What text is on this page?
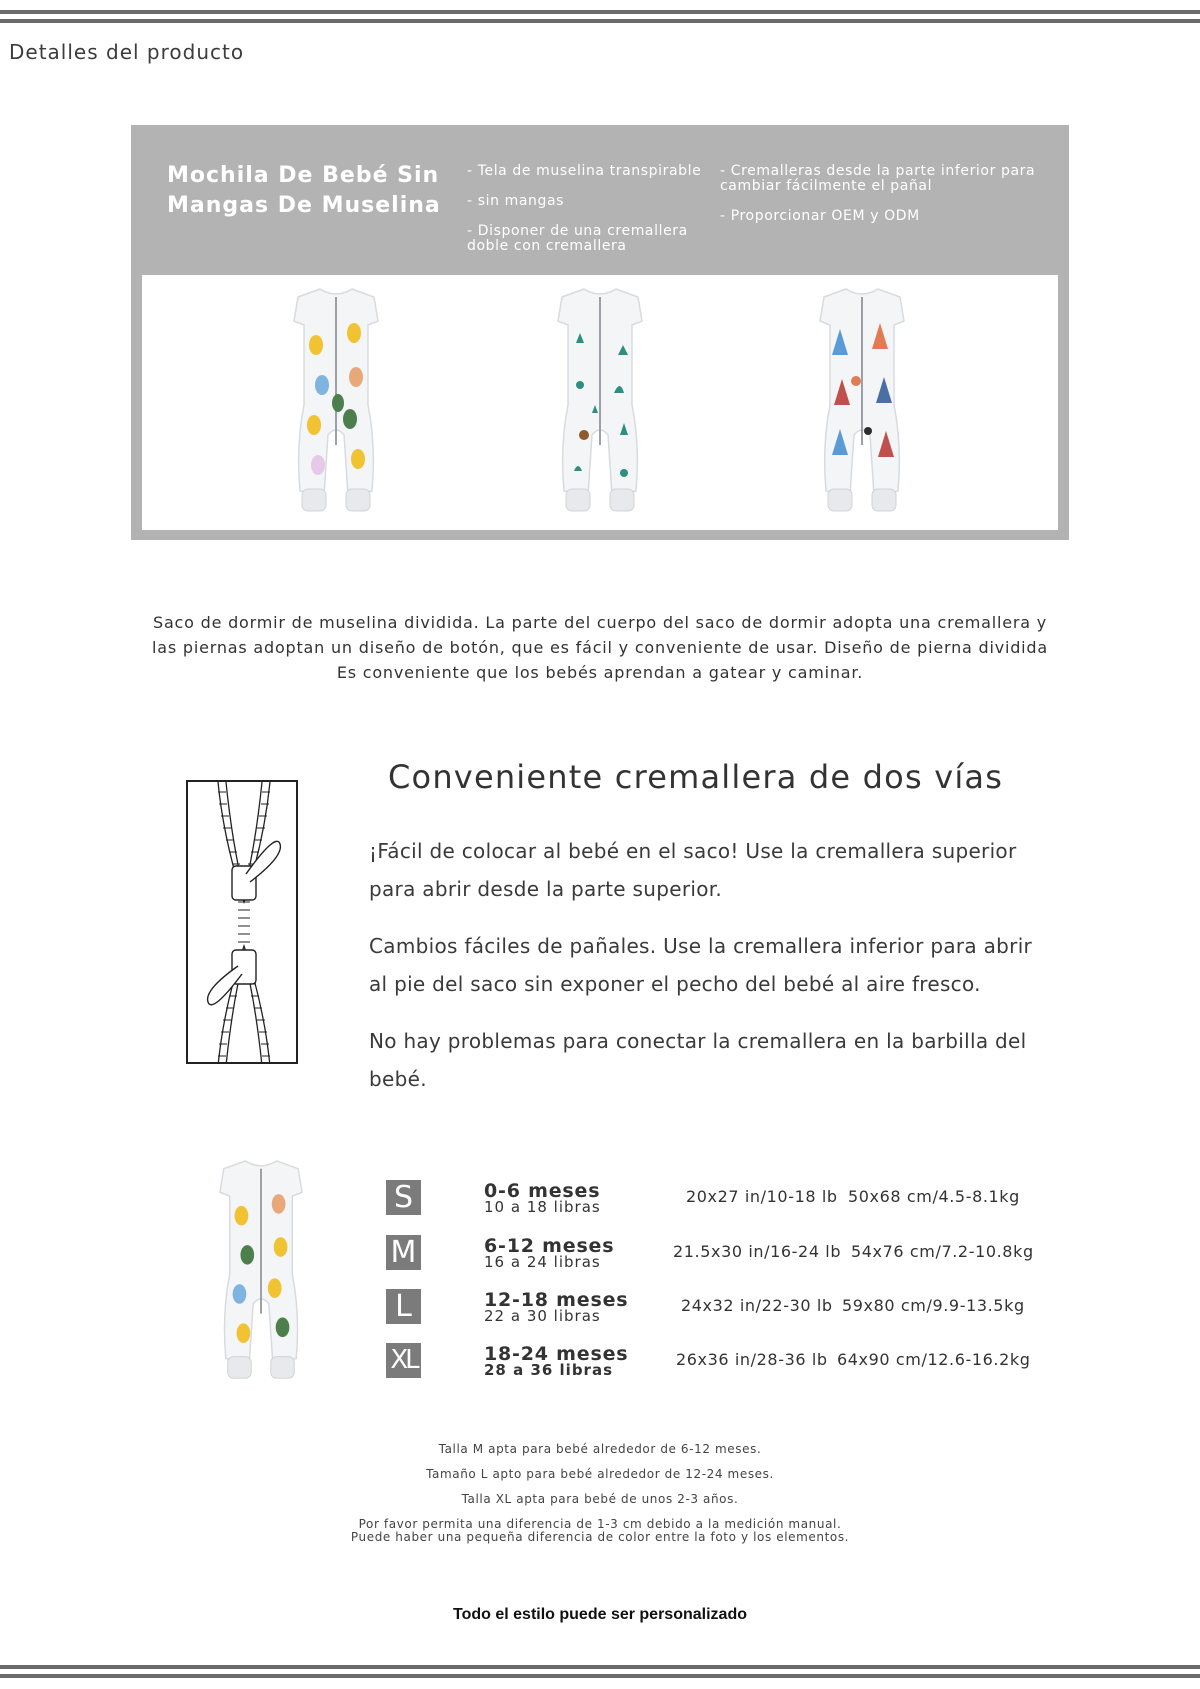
Detalles del producto
Mochila De Bebé Sin Mangas De Muselina
- Tela de muselina transpirable
- sin mangas
- Disponer de una cremallera doble con cremallera
- Cremalleras desde la parte inferior para cambiar fácilmente el pañal
- Proporcionar OEM y ODM
Saco de dormir de muselina dividida. La parte del cuerpo del saco de dormir adopta una cremallera y las piernas adoptan un diseño de botón, que es fácil y conveniente de usar. Diseño de pierna dividida Es conveniente que los bebés aprendan a gatear y caminar.
Conveniente cremallera de dos vías
¡Fácil de colocar al bebé en el saco! Use la cremallera superior para abrir desde la parte superior.
Cambios fáciles de pañales. Use la cremallera inferior para abrir al pie del saco sin exponer el pecho del bebé al aire fresco.
No hay problemas para conectar la cremallera en la barbilla del bebé.
S	0-6 meses
10 a 18 libras
20x27 in/10-18 lb 50x68 cm/4.5-8.1kg
M	6-12 meses
16 a 24 libras
21.5x30 in/16-24 lb 54x76 cm/7.2-10.8kg
L	12-18 meses
22 a 30 libras
24x32 in/22-30 lb 59x80 cm/9.9-13.5kg
XL	18-24 meses
28 a 36 libras
26x36 in/28-36 lb 64x90 cm/12.6-16.2kg
Talla M apta para bebé alrededor de 6-12 meses.
Tamaño L apto para bebé alrededor de 12-24 meses.
Talla XL apta para bebé de unos 2-3 años.
Por favor permita una diferencia de 1-3 cm debido a la medición manual.
Puede haber una pequeña diferencia de color entre la foto y los elementos.
Todo el estilo puede ser personalizado
